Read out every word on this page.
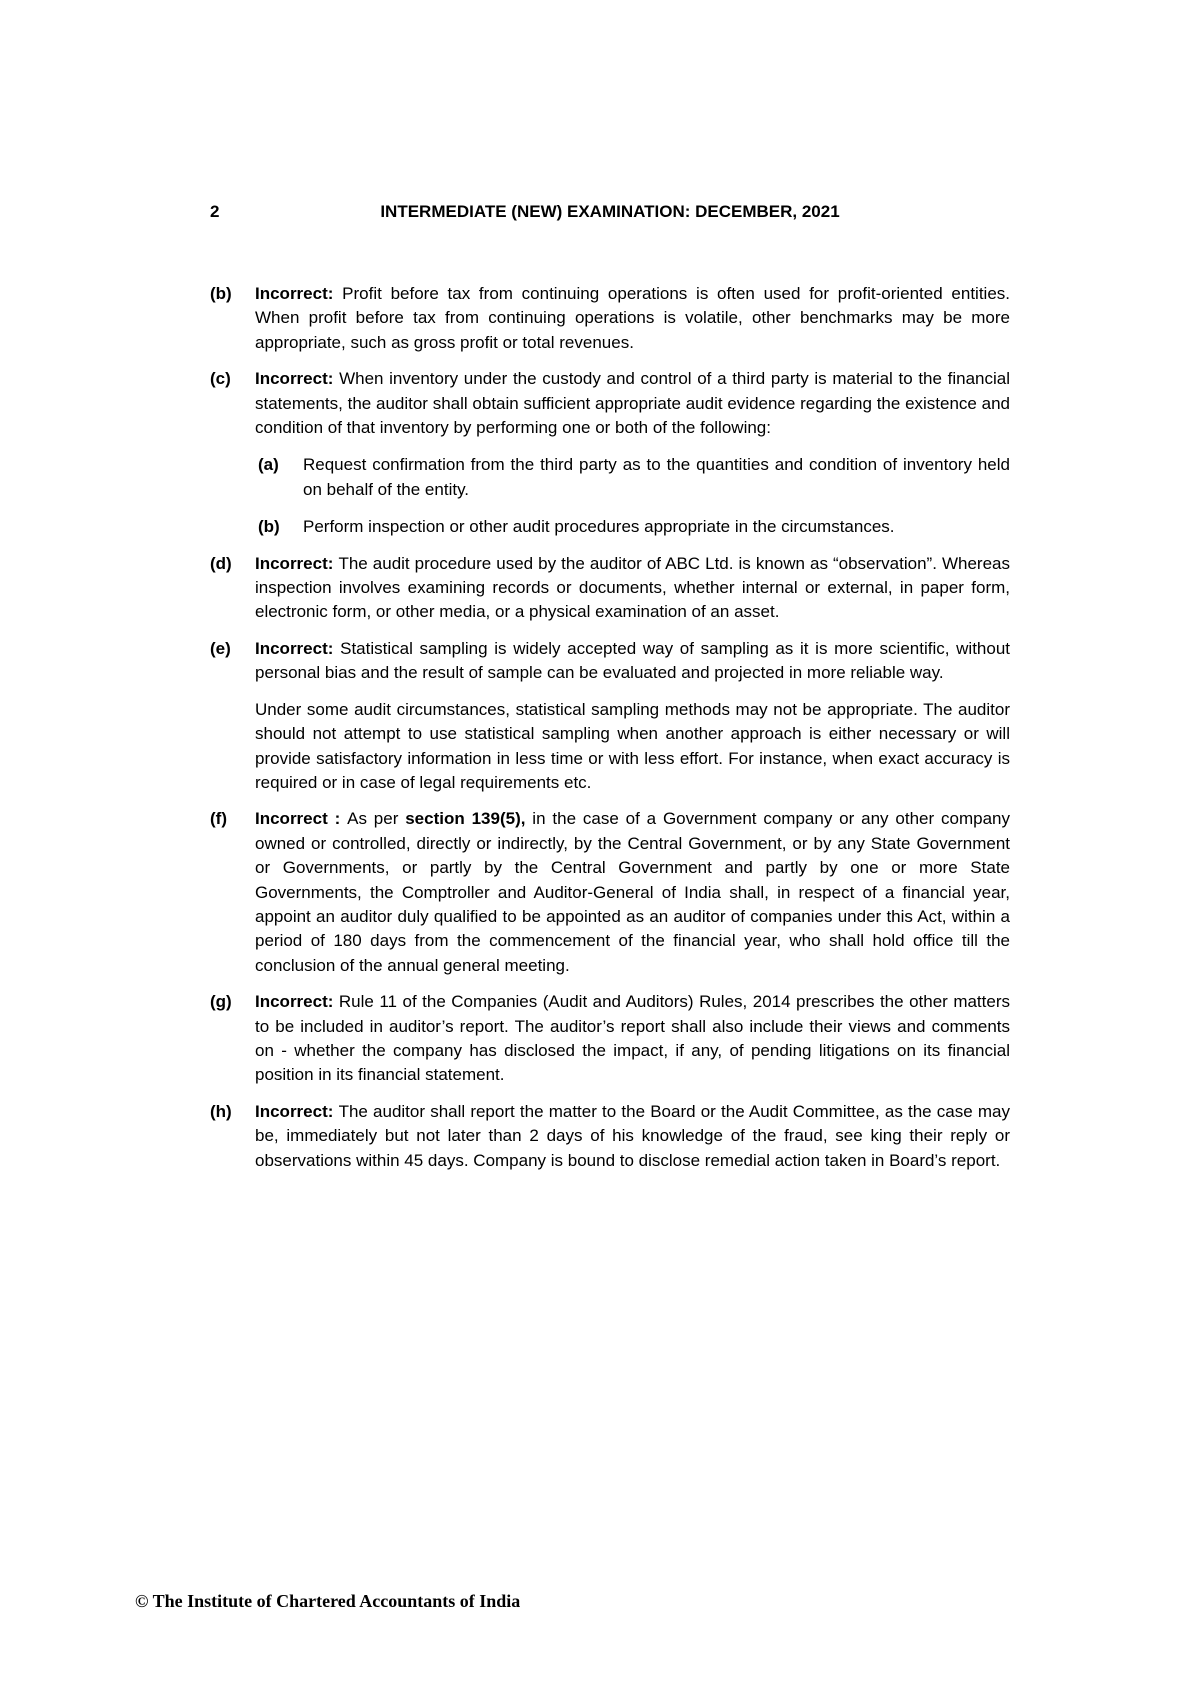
2	INTERMEDIATE (NEW) EXAMINATION: DECEMBER, 2021
(b)	Incorrect: Profit before tax from continuing operations is often used for profit-oriented entities. When profit before tax from continuing operations is volatile, other benchmarks may be more appropriate, such as gross profit or total revenues.

(c)	Incorrect: When inventory under the custody and control of a third party is material to the financial statements, the auditor shall obtain sufficient appropriate audit evidence regarding the existence and condition of that inventory by performing one or both of the following:

(a)	Request confirmation from the third party as to the quantities and condition of inventory held on behalf of the entity.

(b)	Perform inspection or other audit procedures appropriate in the circumstances.

(d)	Incorrect: The audit procedure used by the auditor of ABC Ltd. is known as “observation”. Whereas inspection involves examining records or documents, whether internal or external, in paper form, electronic form, or other media, or a physical examination of an asset.

(e)	Incorrect: Statistical sampling is widely accepted way of sampling as it is more scientific, without personal bias and the result of sample can be evaluated and projected in more reliable way.

Under some audit circumstances, statistical sampling methods may not be appropriate. The auditor should not attempt to use statistical sampling when another approach is either necessary or will provide satisfactory information in less time or with less effort. For instance, when exact accuracy is required or in case of legal requirements etc.

(f)	Incorrect : As per section 139(5), in the case of a Government company or any other company owned or controlled, directly or indirectly, by the Central Government, or by any State Government or Governments, or partly by the Central Government and partly by one or more State Governments, the Comptroller and Auditor-General of India shall, in respect of a financial year, appoint an auditor duly qualified to be appointed as an auditor of companies under this Act, within a period of 180 days from the commencement of the financial year, who shall hold office till the conclusion of the annual general meeting.

(g)	Incorrect: Rule 11 of the Companies (Audit and Auditors) Rules, 2014 prescribes the other matters to be included in auditor’s report. The auditor’s report shall also include their views and comments on - whether the company has disclosed the impact, if any, of pending litigations on its financial position in its financial statement.

(h)	Incorrect: The auditor shall report the matter to the Board or the Audit Committee, as the case may be, immediately but not later than 2 days of his knowledge of the fraud, see king their reply or observations within 45 days. Company is bound to disclose remedial action taken in Board’s report.

© The Institute of Chartered Accountants of India
